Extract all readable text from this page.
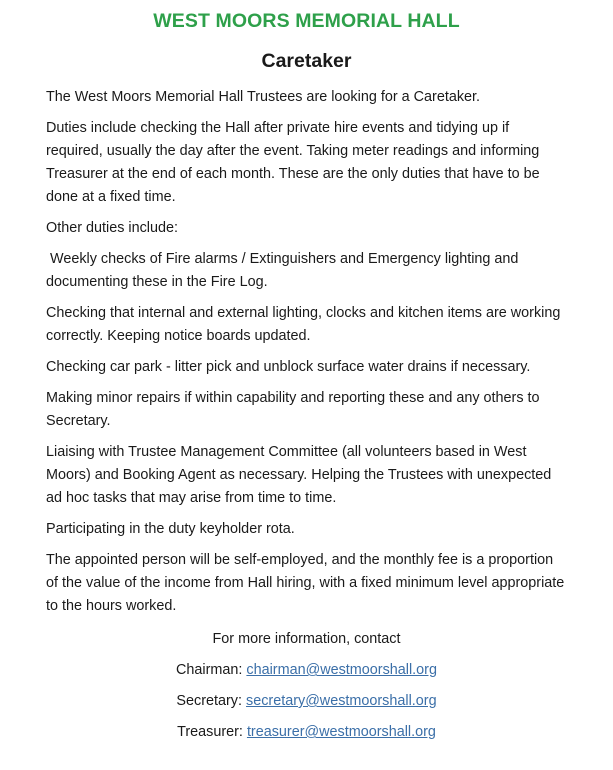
WEST MOORS MEMORIAL HALL
Caretaker

The West Moors Memorial Hall Trustees are looking for a Caretaker.

Duties include checking the Hall after private hire events and tidying up if required, usually the day after the event. Taking meter readings and informing Treasurer at the end of each month. These are the only duties that have to be done at a fixed time.

Other duties include:

Weekly checks of Fire alarms / Extinguishers and Emergency lighting and documenting these in the Fire Log.

Checking that internal and external lighting, clocks and kitchen items are working correctly. Keeping notice boards updated.

Checking car park - litter pick and unblock surface water drains if necessary.

Making minor repairs if within capability and reporting these and any others to Secretary.

Liaising with Trustee Management Committee (all volunteers based in West Moors) and Booking Agent as necessary. Helping the Trustees with unexpected ad hoc tasks that may arise from time to time.

Participating in the duty keyholder rota.

The appointed person will be self-employed, and the monthly fee is a proportion of the value of the income from Hall hiring, with a fixed minimum level appropriate to the hours worked.

For more information, contact

Chairman: chairman@westmoorshall.org

Secretary: secretary@westmoorshall.org

Treasurer: treasurer@westmoorshall.org
